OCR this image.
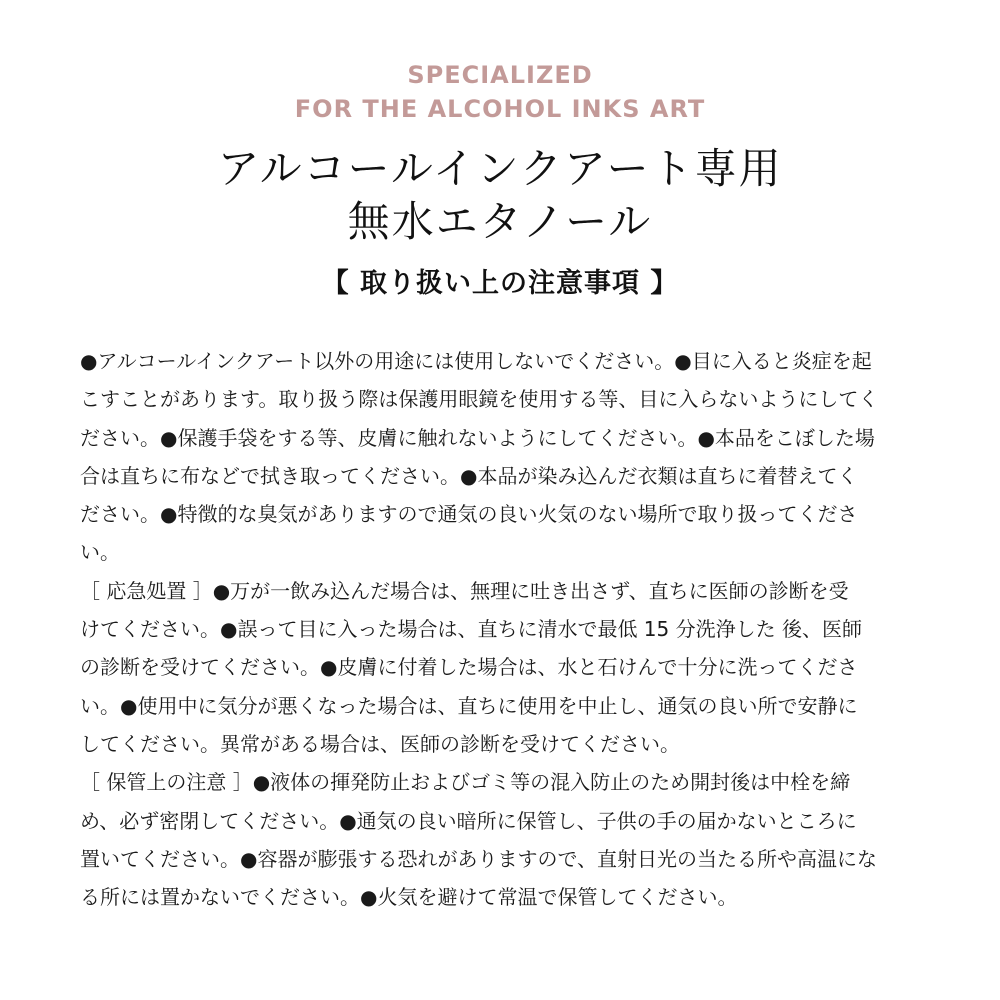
SPECIALIZED
FOR THE ALCOHOL INKS ART
アルコールインクアート専用
無水エタノール
【 取り扱い上の注意事項 】
●アルコールインクアート以外の用途には使用しないでください。●目に入ると炎症を起
こすことがあります。取り扱う際は保護用眼鏡を使用する等、目に入らないようにしてく
ださい。●保護手袋をする等、皮膚に触れないようにしてください。●本品をこぼした場
合は直ちに布などで拭き取ってください。●本品が染み込んだ衣類は直ちに着替えてく
ださい。●特徴的な臭気がありますので通気の良い火気のない場所で取り扱ってくださ
い。
［ 応急処置 ］●万が一飲み込んだ場合は、無理に吐き出さず、直ちに医師の診断を受
けてください。●誤って目に入った場合は、直ちに清水で最低 15 分洗浄した 後、医師
の診断を受けてください。●皮膚に付着した場合は、水と石けんで十分に洗ってくださ
い。●使用中に気分が悪くなった場合は、直ちに使用を中止し、通気の良い所で安静に
してください。異常がある場合は、医師の診断を受けてください。
［ 保管上の注意 ］●液体の揮発防止およびゴミ等の混入防止のため開封後は中栓を締
め、必ず密閉してください。●通気の良い暗所に保管し、子供の手の届かないところに
置いてください。●容器が膨張する恐れがありますので、直射日光の当たる所や高温にな
る所には置かないでください。●火気を避けて常温で保管してください。
